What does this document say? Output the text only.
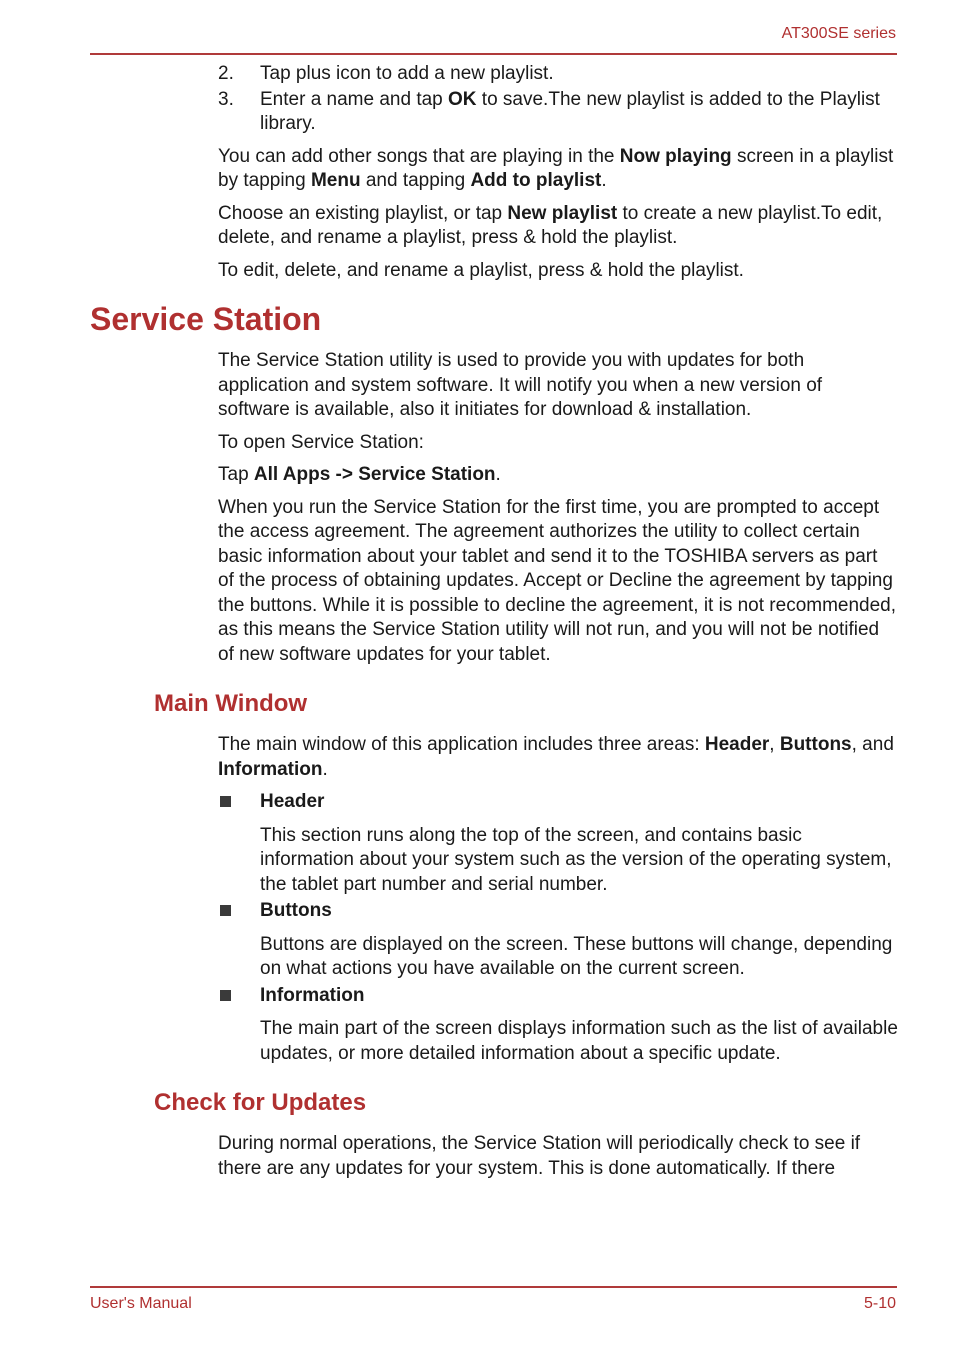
AT300SE series
2. Tap plus icon to add a new playlist.
3. Enter a name and tap OK to save.The new playlist is added to the Playlist library.

You can add other songs that are playing in the Now playing screen in a playlist by tapping Menu and tapping Add to playlist.

Choose an existing playlist, or tap New playlist to create a new playlist.To edit, delete, and rename a playlist, press & hold the playlist.

To edit, delete, and rename a playlist, press & hold the playlist.

Service Station

The Service Station utility is used to provide you with updates for both application and system software. It will notify you when a new version of software is available, also it initiates for download & installation.

To open Service Station:

Tap All Apps -> Service Station.

When you run the Service Station for the first time, you are prompted to accept the access agreement. The agreement authorizes the utility to collect certain basic information about your tablet and send it to the TOSHIBA servers as part of the process of obtaining updates. Accept or Decline the agreement by tapping the buttons. While it is possible to decline the agreement, it is not recommended, as this means the Service Station utility will not run, and you will not be notified of new software updates for your tablet.

Main Window

The main window of this application includes three areas: Header, Buttons, and Information.

Header
This section runs along the top of the screen, and contains basic information about your system such as the version of the operating system, the tablet part number and serial number.
Buttons
Buttons are displayed on the screen. These buttons will change, depending on what actions you have available on the current screen.
Information
The main part of the screen displays information such as the list of available updates, or more detailed information about a specific update.
Check for Updates

During normal operations, the Service Station will periodically check to see if there are any updates for your system. This is done automatically. If there

User's Manual	5-10
